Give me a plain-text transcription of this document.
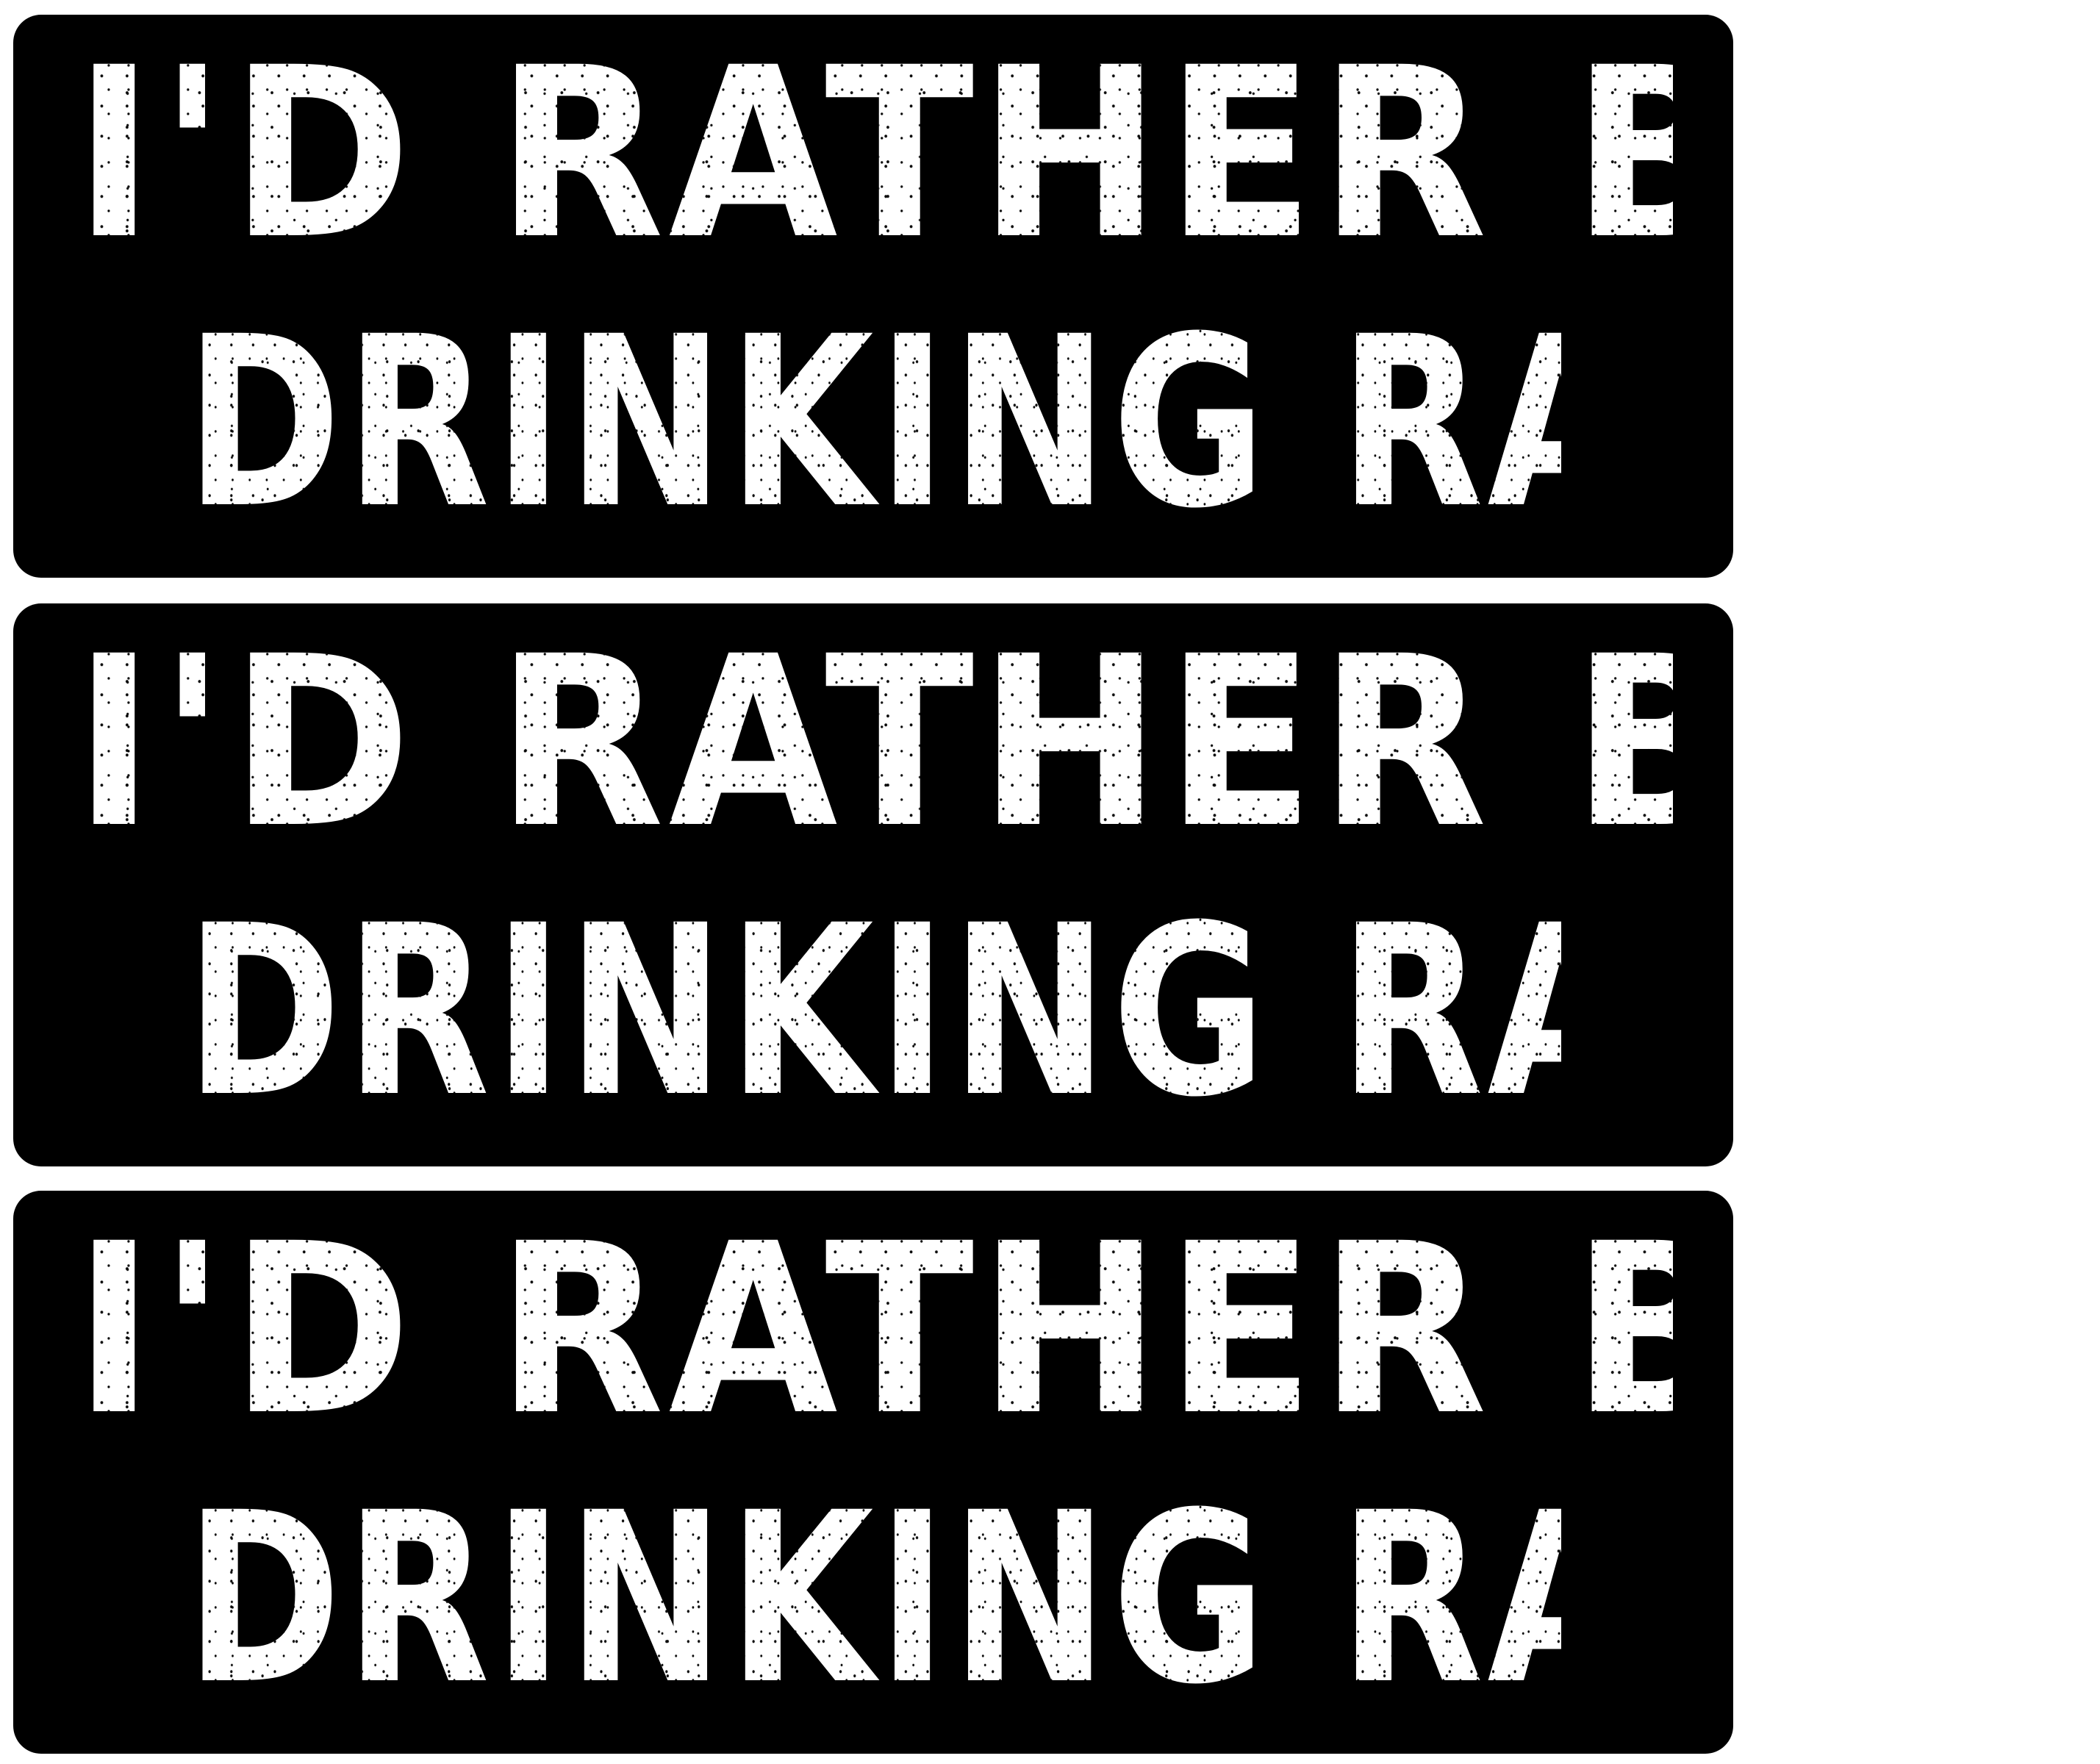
I'D RATHER BE
DRINKING RANCH
I'D RATHER BE
DRINKING RANCH
I'D RATHER BE
DRINKING RANCH
